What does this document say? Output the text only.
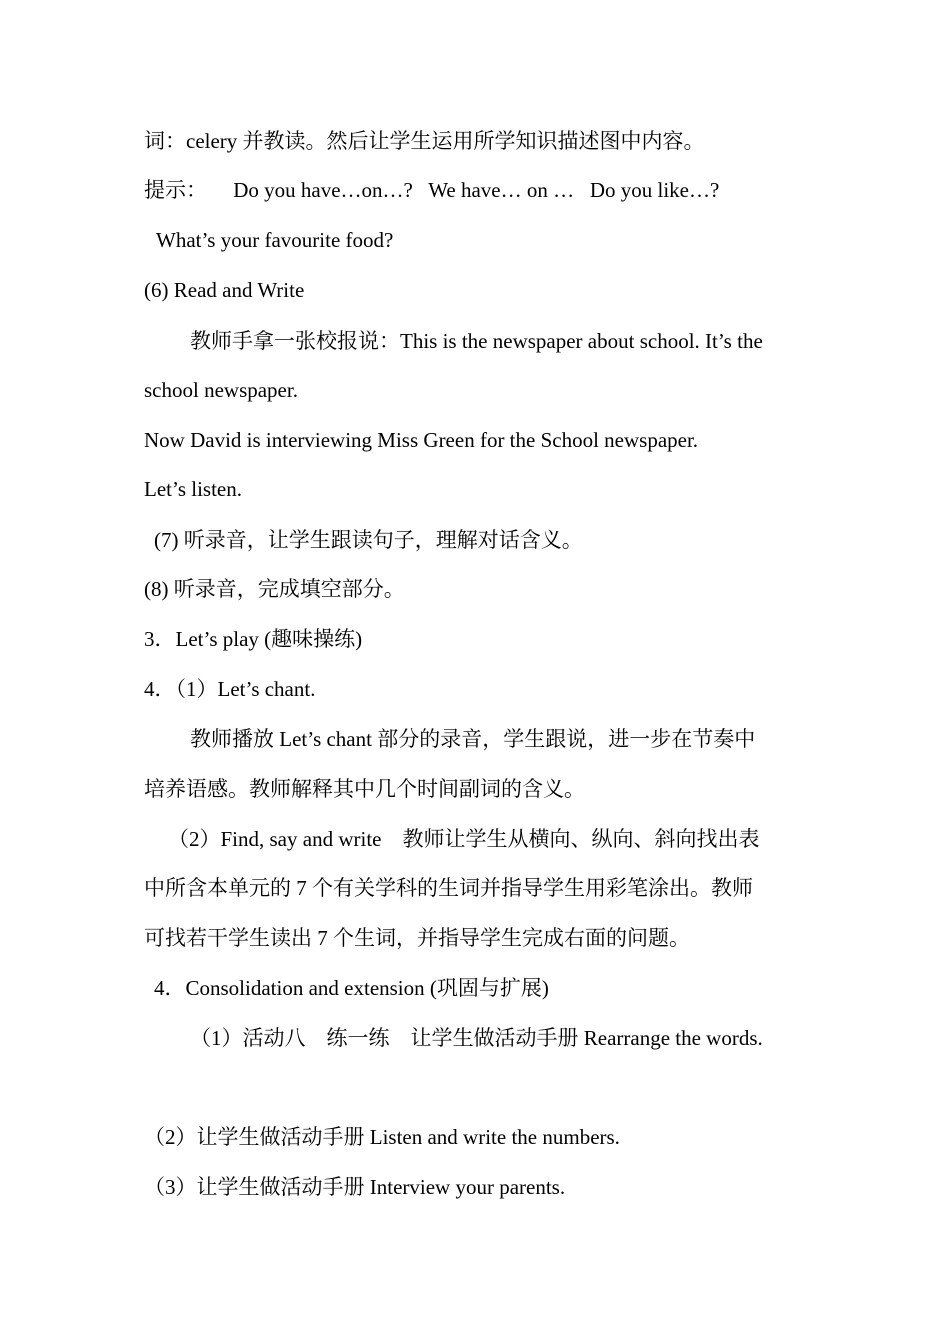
词：celery 并教读。然后让学生运用所学知识描述图中内容。
提示：     Do you have…on…?   We have… on …   Do you like…?
What’s your favourite food?
(6) Read and Write
教师手拿一张校报说：This is the newspaper about school. It’s the
school newspaper.
Now David is interviewing Miss Green for the School newspaper.
Let’s listen.
(7) 听录音，让学生跟读句子，理解对话含义。
(8) 听录音，完成填空部分。
3．Let’s play (趣味操练)
4．（1）Let’s chant.
教师播放 Let’s chant 部分的录音，学生跟说，进一步在节奏中
培养语感。教师解释其中几个时间副词的含义。
（2）Find, say and write    教师让学生从横向、纵向、斜向找出表
中所含本单元的 7 个有关学科的生词并指导学生用彩笔涂出。教师
可找若干学生读出 7 个生词，并指导学生完成右面的问题。
4．Consolidation and extension (巩固与扩展)
（1）活动八    练一练    让学生做活动手册 Rearrange the words.
（2）让学生做活动手册 Listen and write the numbers.
（3）让学生做活动手册 Interview your parents.
